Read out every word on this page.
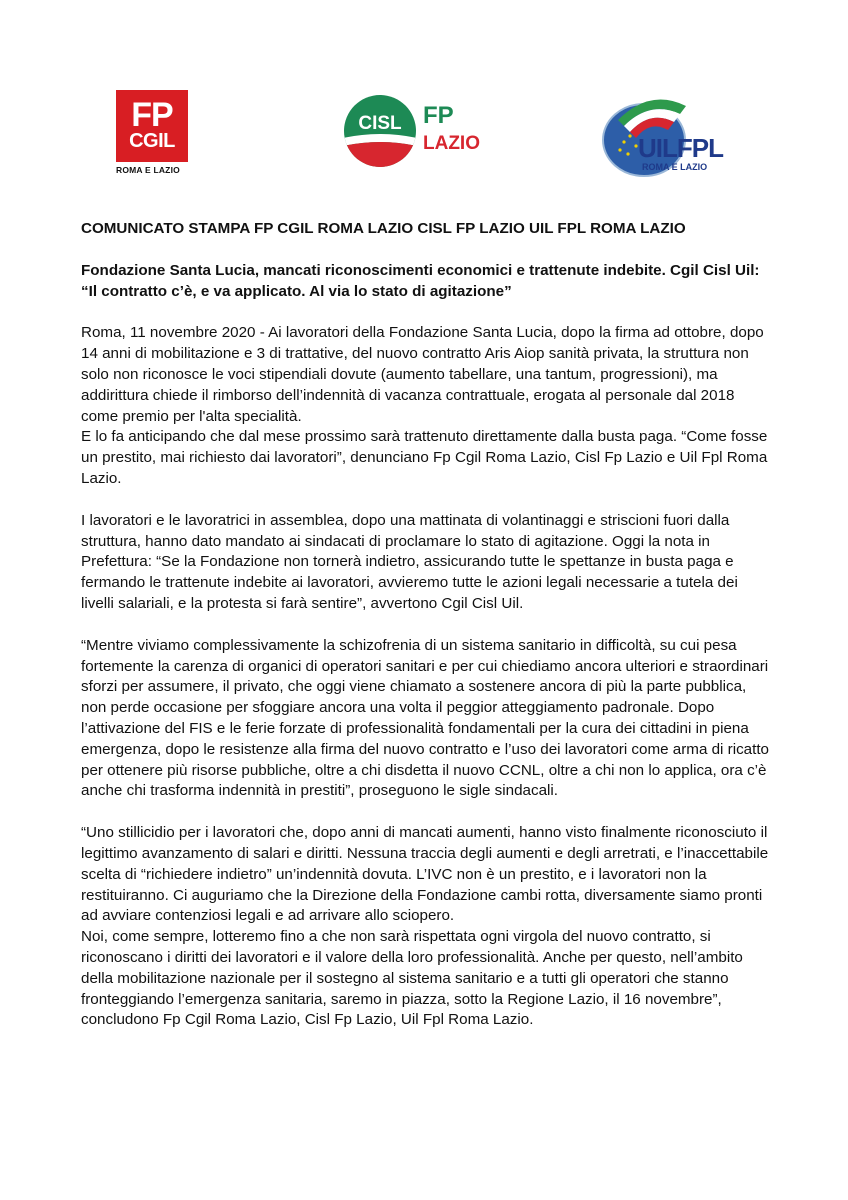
FP
CGIL
ROMA E LAZIO
CISL FP
LAZIO	UILFPL
ROMA E LAZIO

COMUNICATO STAMPA FP CGIL ROMA LAZIO CISL FP LAZIO UIL FPL ROMA LAZIO

Fondazione Santa Lucia, mancati riconoscimenti economici e trattenute indebite. Cgil Cisl Uil: “Il contratto c’è, e va applicato. Al via lo stato di agitazione”

Roma, 11 novembre 2020 - Ai lavoratori della Fondazione Santa Lucia, dopo la firma ad ottobre, dopo 14 anni di mobilitazione e 3 di trattative, del nuovo contratto Aris Aiop sanità privata, la struttura non solo non riconosce le voci stipendiali dovute (aumento tabellare, una tantum, progressioni), ma addirittura chiede il rimborso dell’indennità di vacanza contrattuale, erogata al personale dal 2018 come premio per l'alta specialità.

E lo fa anticipando che dal mese prossimo sarà trattenuto direttamente dalla busta paga. “Come fosse un prestito, mai richiesto dai lavoratori”, denunciano Fp Cgil Roma Lazio, Cisl Fp Lazio e Uil Fpl Roma Lazio.

I lavoratori e le lavoratrici in assemblea, dopo una mattinata di volantinaggi e striscioni fuori dalla struttura, hanno dato mandato ai sindacati di proclamare lo stato di agitazione. Oggi la nota in Prefettura: “Se la Fondazione non tornerà indietro, assicurando tutte le spettanze in busta paga e fermando le trattenute indebite ai lavoratori, avvieremo tutte le azioni legali necessarie a tutela dei livelli salariali, e la protesta si farà sentire”, avvertono Cgil Cisl Uil.

“Mentre viviamo complessivamente la schizofrenia di un sistema sanitario in difficoltà, su cui pesa fortemente la carenza di organici di operatori sanitari e per cui chiediamo ancora ulteriori e straordinari sforzi per assumere, il privato, che oggi viene chiamato a sostenere ancora di più la parte pubblica, non perde occasione per sfoggiare ancora una volta il peggior atteggiamento padronale. Dopo l’attivazione del FIS e le ferie forzate di professionalità fondamentali per la cura dei cittadini in piena emergenza, dopo le resistenze alla firma del nuovo contratto e l’uso dei lavoratori come arma di ricatto per ottenere più risorse pubbliche, oltre a chi disdetta il nuovo CCNL, oltre a chi non lo applica, ora c’è anche chi trasforma indennità in prestiti”, proseguono le sigle sindacali.

“Uno stillicidio per i lavoratori che, dopo anni di mancati aumenti, hanno visto finalmente riconosciuto il legittimo avanzamento di salari e diritti. Nessuna traccia degli aumenti e degli arretrati, e l’inaccettabile scelta di “richiedere indietro” un’indennità dovuta. L’IVC non è un prestito, e i lavoratori non la restituiranno. Ci auguriamo che la Direzione della Fondazione cambi rotta, diversamente siamo pronti ad avviare contenziosi legali e ad arrivare allo sciopero.

Noi, come sempre, lotteremo fino a che non sarà rispettata ogni virgola del nuovo contratto, si riconoscano i diritti dei lavoratori e il valore della loro professionalità. Anche per questo, nell’ambito della mobilitazione nazionale per il sostegno al sistema sanitario e a tutti gli operatori che stanno fronteggiando l’emergenza sanitaria, saremo in piazza, sotto la Regione Lazio, il 16 novembre”, concludono Fp Cgil Roma Lazio, Cisl Fp Lazio, Uil Fpl Roma Lazio.
